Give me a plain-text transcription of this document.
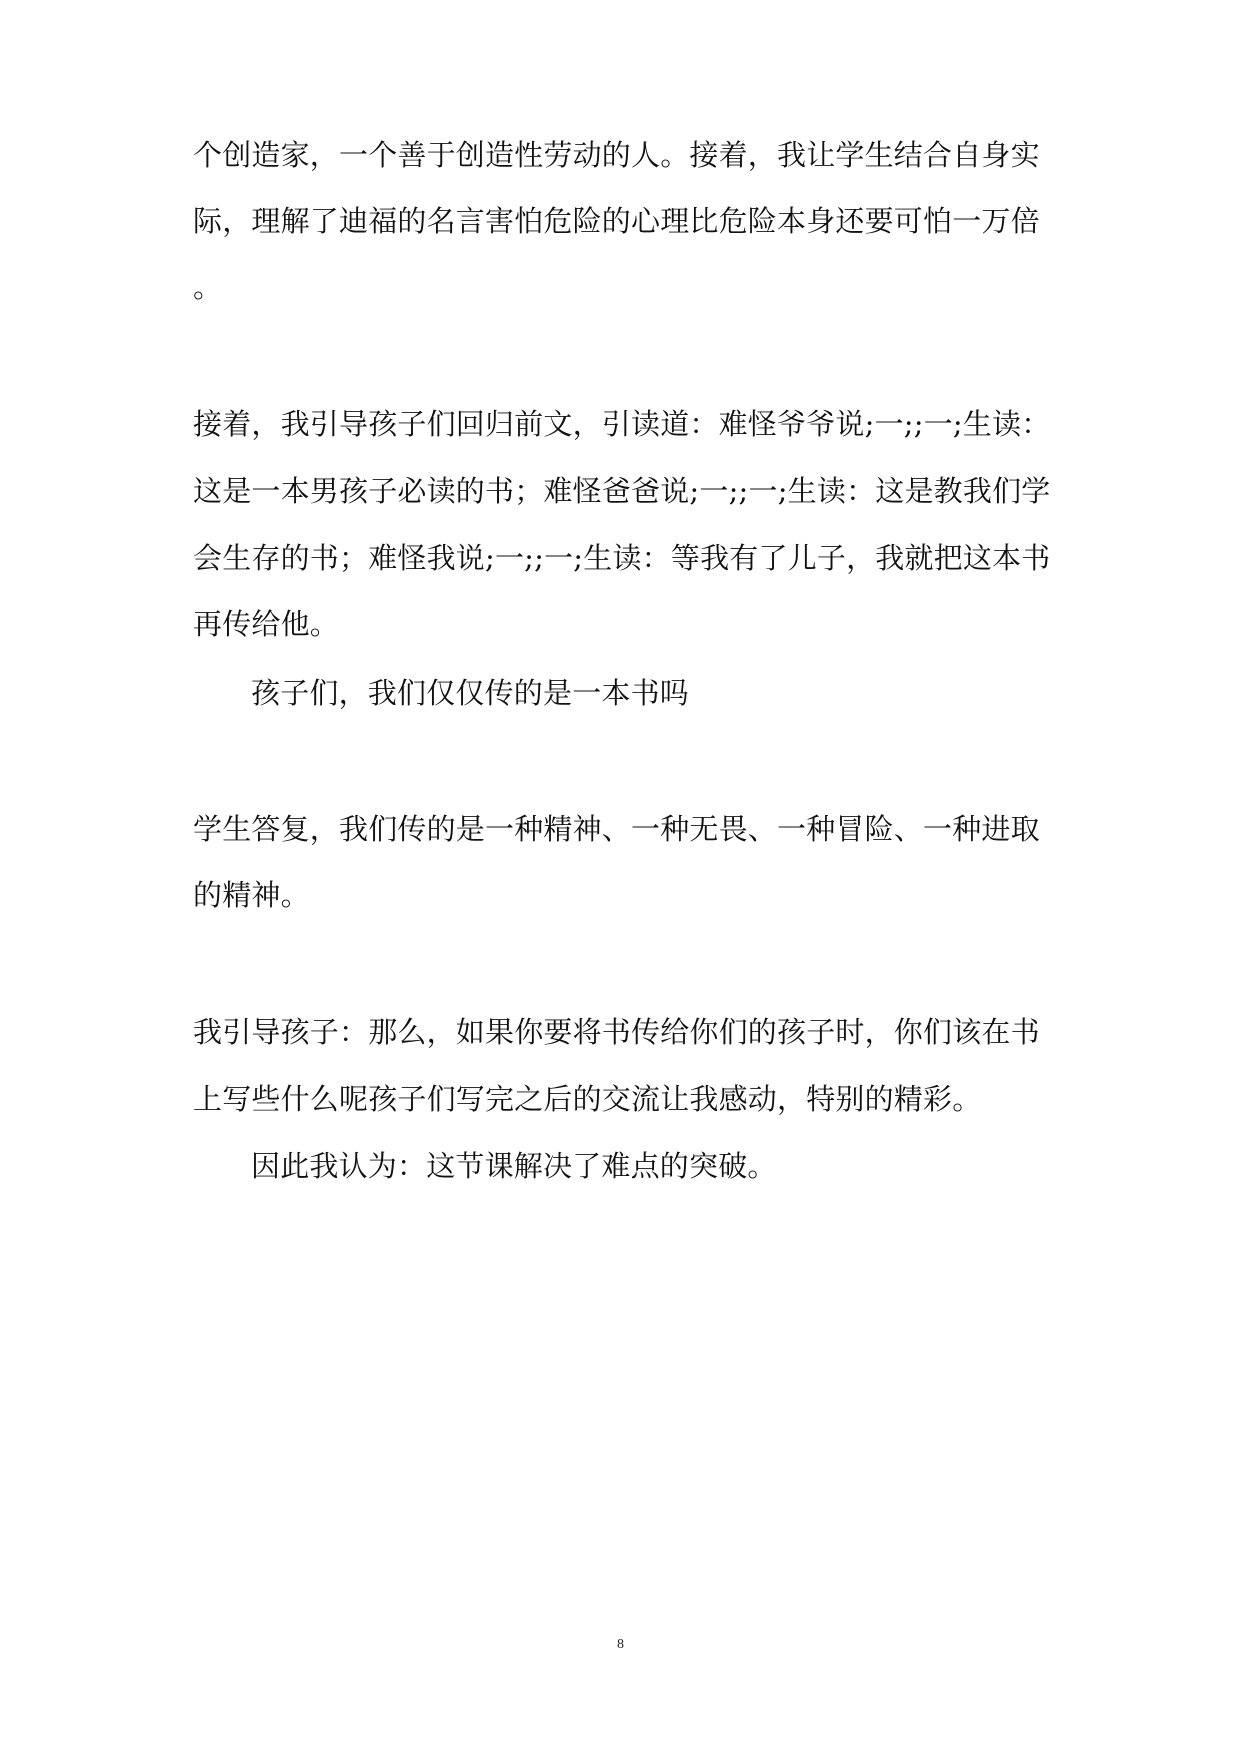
个创造家，一个善于创造性劳动的人。接着，我让学生结合自身实
际，理解了迪福的名言害怕危险的心理比危险本身还要可怕一万倍
。
接着，我引导孩子们回归前文，引读道：难怪爷爷说;一;;一;生读：
这是一本男孩子必读的书；难怪爸爸说;一;;一;生读：这是教我们学
会生存的书；难怪我说;一;;一;生读：等我有了儿子，我就把这本书
再传给他。
孩子们，我们仅仅传的是一本书吗
学生答复，我们传的是一种精神、一种无畏、一种冒险、一种进取
的精神。
我引导孩子：那么，如果你要将书传给你们的孩子时，你们该在书
上写些什么呢孩子们写完之后的交流让我感动，特别的精彩。
因此我认为：这节课解决了难点的突破。
8
